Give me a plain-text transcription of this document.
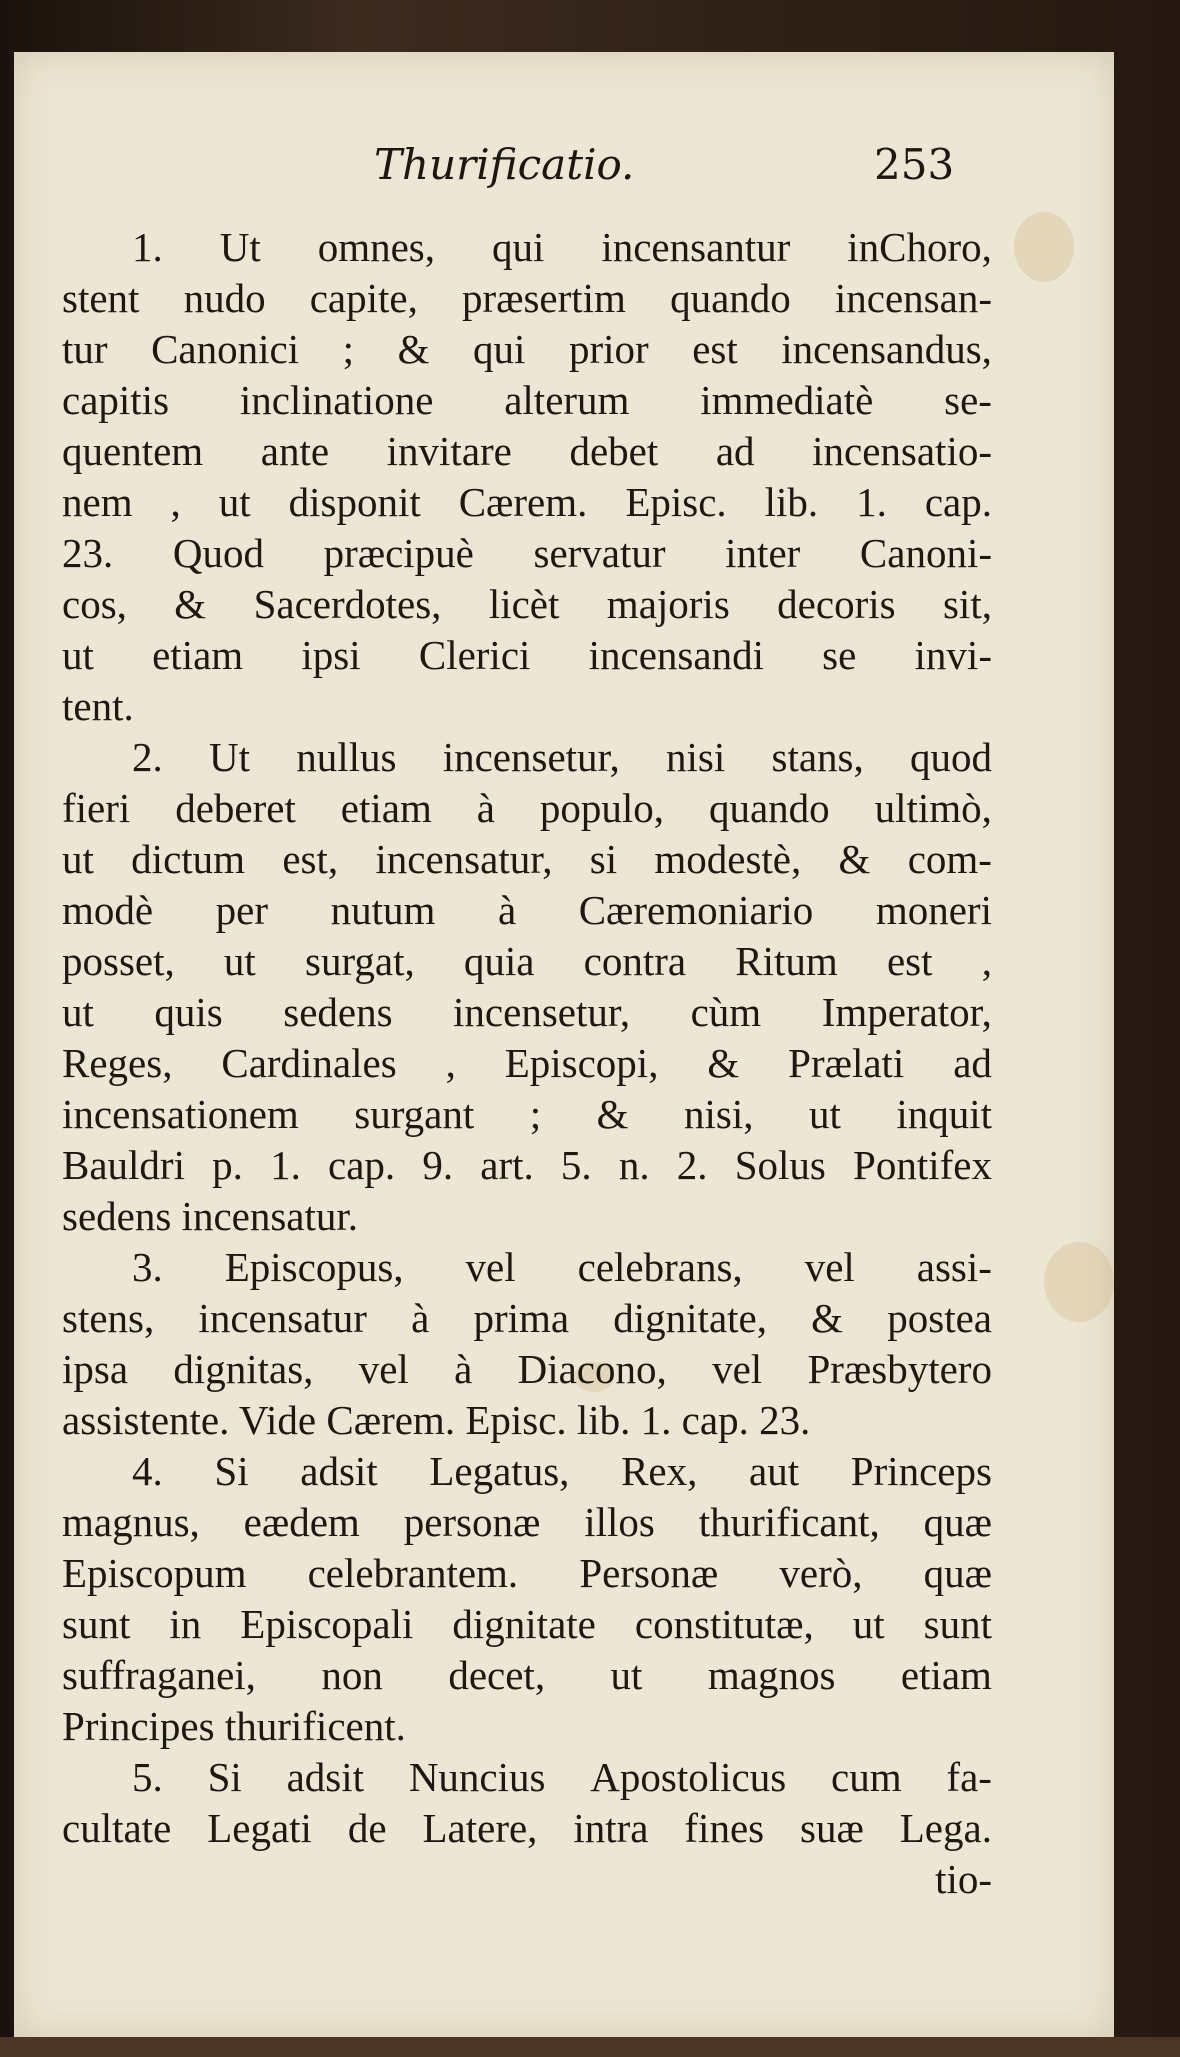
Thurificatio.	253
1. Ut omnes, qui incensantur inChoro,
stent nudo capite, præsertim quando incensan-
tur Canonici ; & qui prior est incensandus,
capitis inclinatione alterum immediatè se-
quentem ante invitare debet ad incensatio-
nem , ut disponit Cærem. Episc. lib. 1. cap.
23. Quod præcipuè servatur inter Canoni-
cos, & Sacerdotes, licèt majoris decoris sit,
ut etiam ipsi Clerici incensandi se invi-
tent.
2. Ut nullus incensetur, nisi stans, quod
fieri deberet etiam à populo, quando ultimò,
ut dictum est, incensatur, si modestè, & com-
modè per nutum à Cæremoniario moneri
posset, ut surgat, quia contra Ritum est ,
ut quis sedens incensetur, cùm Imperator,
Reges, Cardinales , Episcopi, & Prælati ad
incensationem surgant ; & nisi, ut inquit
Bauldri p. 1. cap. 9. art. 5. n. 2. Solus Pontifex
sedens incensatur.
3. Episcopus, vel celebrans, vel assi-
stens, incensatur à prima dignitate, & postea
ipsa dignitas, vel à Diacono, vel Præsbytero
assistente. Vide Cærem. Episc. lib. 1. cap. 23.
4. Si adsit Legatus, Rex, aut Princeps
magnus, eædem personæ illos thurificant, quæ
Episcopum celebrantem. Personæ verò, quæ
sunt in Episcopali dignitate constitutæ, ut sunt
suffraganei, non decet, ut magnos etiam
Principes thurificent.
5. Si adsit Nuncius Apostolicus cum fa-
cultate Legati de Latere, intra fines suæ Lega.
tio-
